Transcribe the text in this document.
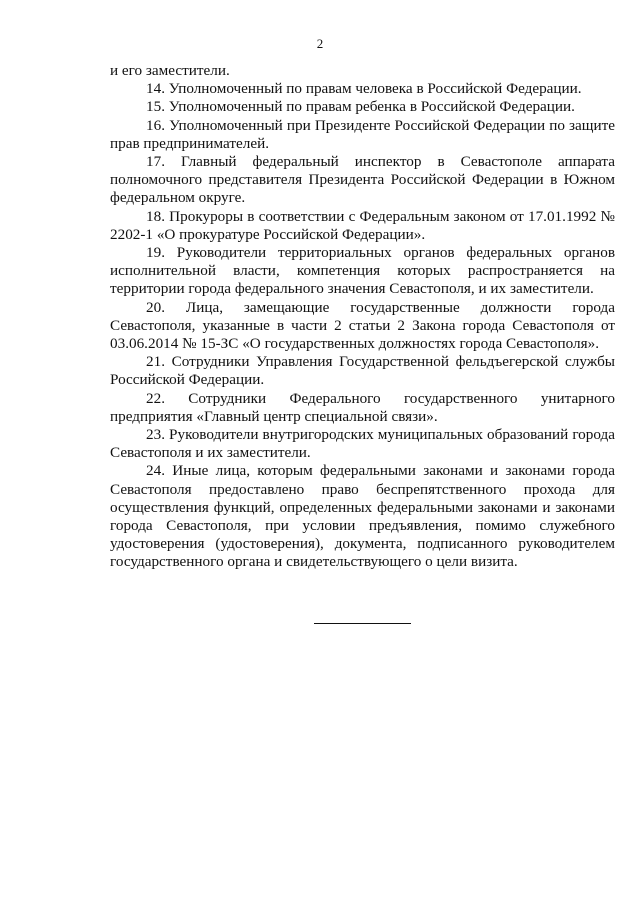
2

и его заместители.

14. Уполномоченный по правам человека в Российской Федерации.

15. Уполномоченный по правам ребенка в Российской Федерации.

16. Уполномоченный при Президенте Российской Федерации по защите прав предпринимателей.

17. Главный федеральный инспектор в Севастополе аппарата полномочного представителя Президента Российской Федерации в Южном федеральном округе.

18. Прокуроры в соответствии с Федеральным законом от 17.01.1992 № 2202-1 «О прокуратуре Российской Федерации».

19. Руководители территориальных органов федеральных органов исполнительной власти, компетенция которых распространяется на территории города федерального значения Севастополя, и их заместители.

20. Лица, замещающие государственные должности города Севастополя, указанные в части 2 статьи 2 Закона города Севастополя от 03.06.2014 № 15-ЗС «О государственных должностях города Севастополя».

21. Сотрудники Управления Государственной фельдъегерской службы Российской Федерации.

22. Сотрудники Федерального государственного унитарного предприятия «Главный центр специальной связи».

23. Руководители внутригородских муниципальных образований города Севастополя и их заместители.

24. Иные лица, которым федеральными законами и законами города Севастополя предоставлено право беспрепятственного прохода для осуществления функций, определенных федеральными законами и законами города Севастополя, при условии предъявления, помимо служебного удостоверения (удостоверения), документа, подписанного руководителем государственного органа и свидетельствующего о цели визита.
